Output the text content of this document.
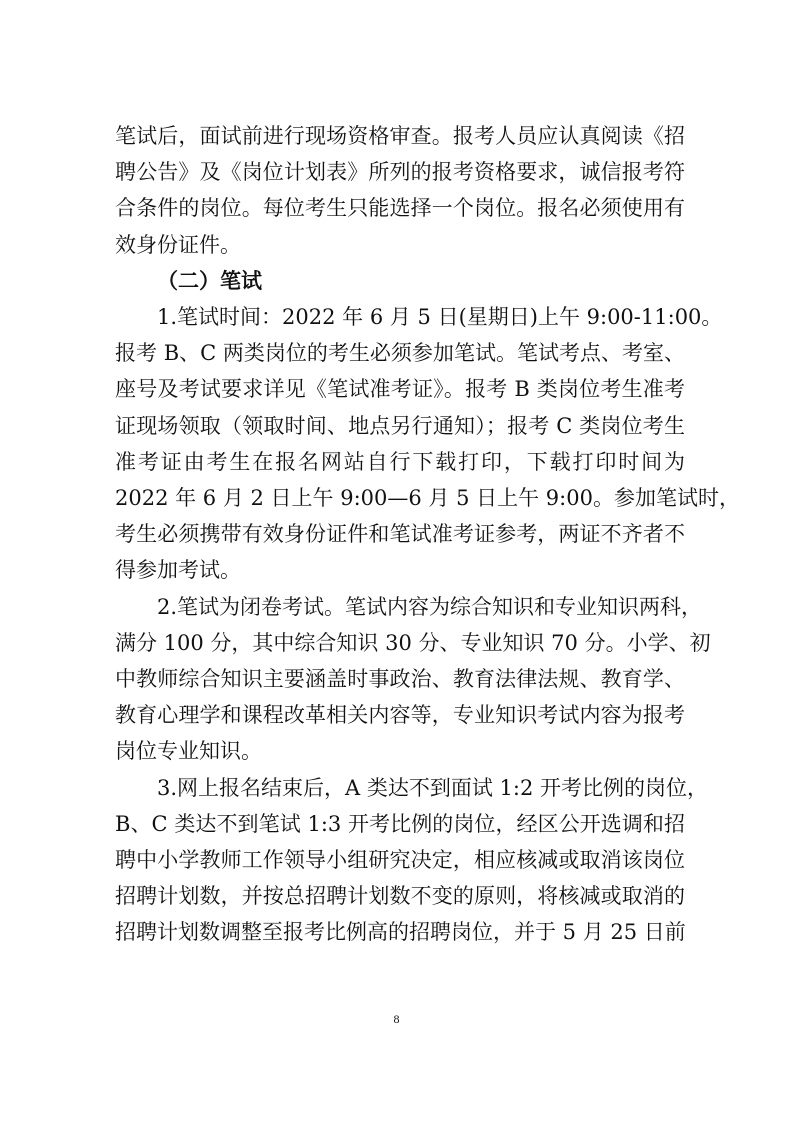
笔试后，面试前进行现场资格审查。报考人员应认真阅读《招
聘公告》及《岗位计划表》所列的报考资格要求，诚信报考符
合条件的岗位。每位考生只能选择一个岗位。报名必须使用有
效身份证件。
（二）笔试
1.笔试时间：2022 年 6 月 5 日(星期日)上午 9:00-11:00。
报考 B、C 两类岗位的考生必须参加笔试。笔试考点、考室、
座号及考试要求详见《笔试准考证》。报考 B 类岗位考生准考
证现场领取（领取时间、地点另行通知）；报考 C 类岗位考生
准考证由考生在报名网站自行下载打印，下载打印时间为
2022 年 6 月 2 日上午 9:00—6 月 5 日上午 9:00。参加笔试时，
考生必须携带有效身份证件和笔试准考证参考，两证不齐者不
得参加考试。
2.笔试为闭卷考试。笔试内容为综合知识和专业知识两科，
满分 100 分，其中综合知识 30 分、专业知识 70 分。小学、初
中教师综合知识主要涵盖时事政治、教育法律法规、教育学、
教育心理学和课程改革相关内容等，专业知识考试内容为报考
岗位专业知识。
3.网上报名结束后，A 类达不到面试 1:2 开考比例的岗位，
B、C 类达不到笔试 1:3 开考比例的岗位，经区公开选调和招
聘中小学教师工作领导小组研究决定，相应核减或取消该岗位
招聘计划数，并按总招聘计划数不变的原则，将核减或取消的
招聘计划数调整至报考比例高的招聘岗位，并于 5 月 25 日前
8
